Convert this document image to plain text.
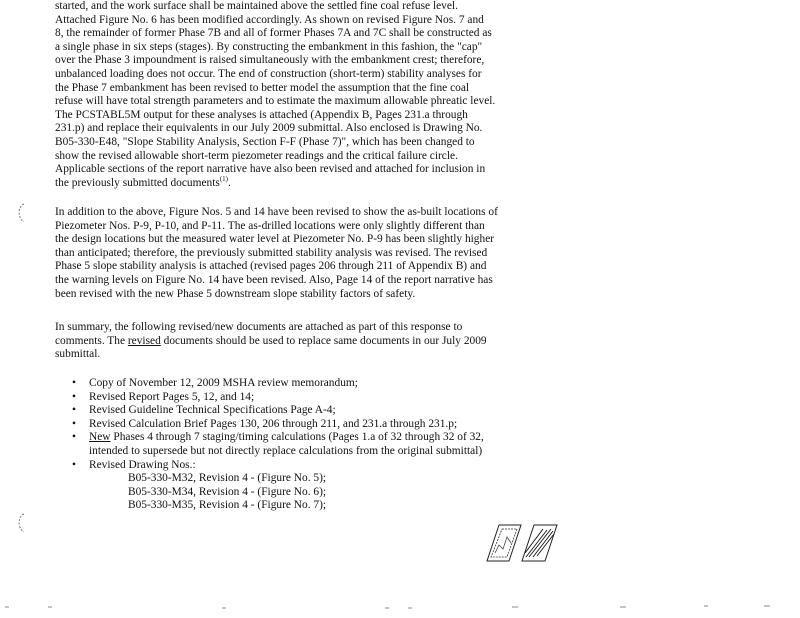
started, and the work surface shall be maintained above the settled fine coal refuse level.
Attached Figure No. 6 has been modified accordingly. As shown on revised Figure Nos. 7 and
8, the remainder of former Phase 7B and all of former Phases 7A and 7C shall be constructed as
a single phase in six steps (stages). By constructing the embankment in this fashion, the "cap"
over the Phase 3 impoundment is raised simultaneously with the embankment crest; therefore,
unbalanced loading does not occur. The end of construction (short-term) stability analyses for
the Phase 7 embankment has been revised to better model the assumption that the fine coal
refuse will have total strength parameters and to estimate the maximum allowable phreatic level.
The PCSTABL5M output for these analyses is attached (Appendix B, Pages 231.a through
231.p) and replace their equivalents in our July 2009 submittal. Also enclosed is Drawing No.
B05-330-E48, "Slope Stability Analysis, Section F-F (Phase 7)", which has been changed to
show the revised allowable short-term piezometer readings and the critical failure circle.
Applicable sections of the report narrative have also been revised and attached for inclusion in
the previously submitted documents$^{(1)}$.
In addition to the above, Figure Nos. 5 and 14 have been revised to show the as-built locations of
Piezometer Nos. P-9, P-10, and P-11. The as-drilled locations were only slightly different than
the design locations but the measured water level at Piezometer No. P-9 has been slightly higher
than anticipated; therefore, the previously submitted stability analysis was revised. The revised
Phase 5 slope stability analysis is attached (revised pages 206 through 211 of Appendix B) and
the warning levels on Figure No. 14 have been revised. Also, Page 14 of the report narrative has
been revised with the new Phase 5 downstream slope stability factors of safety.
In summary, the following revised/new documents are attached as part of this response to
comments. The revised documents should be used to replace same documents in our July 2009
submittal.
• Copy of November 12, 2009 MSHA review memorandum;
• Revised Report Pages 5, 12, and 14;
• Revised Guideline Technical Specifications Page A-4;
• Revised Calculation Brief Pages 130, 206 through 211, and 231.a through 231.p;
• New Phases 4 through 7 staging/timing calculations (Pages 1.a of 32 through 32 of 32,
intended to supersede but not directly replace calculations from the original submittal)
• Revised Drawing Nos.:
B05-330-M32, Revision 4 - (Figure No. 5);
B05-330-M34, Revision 4 - (Figure No. 6);
B05-330-M35, Revision 4 - (Figure No. 7);
